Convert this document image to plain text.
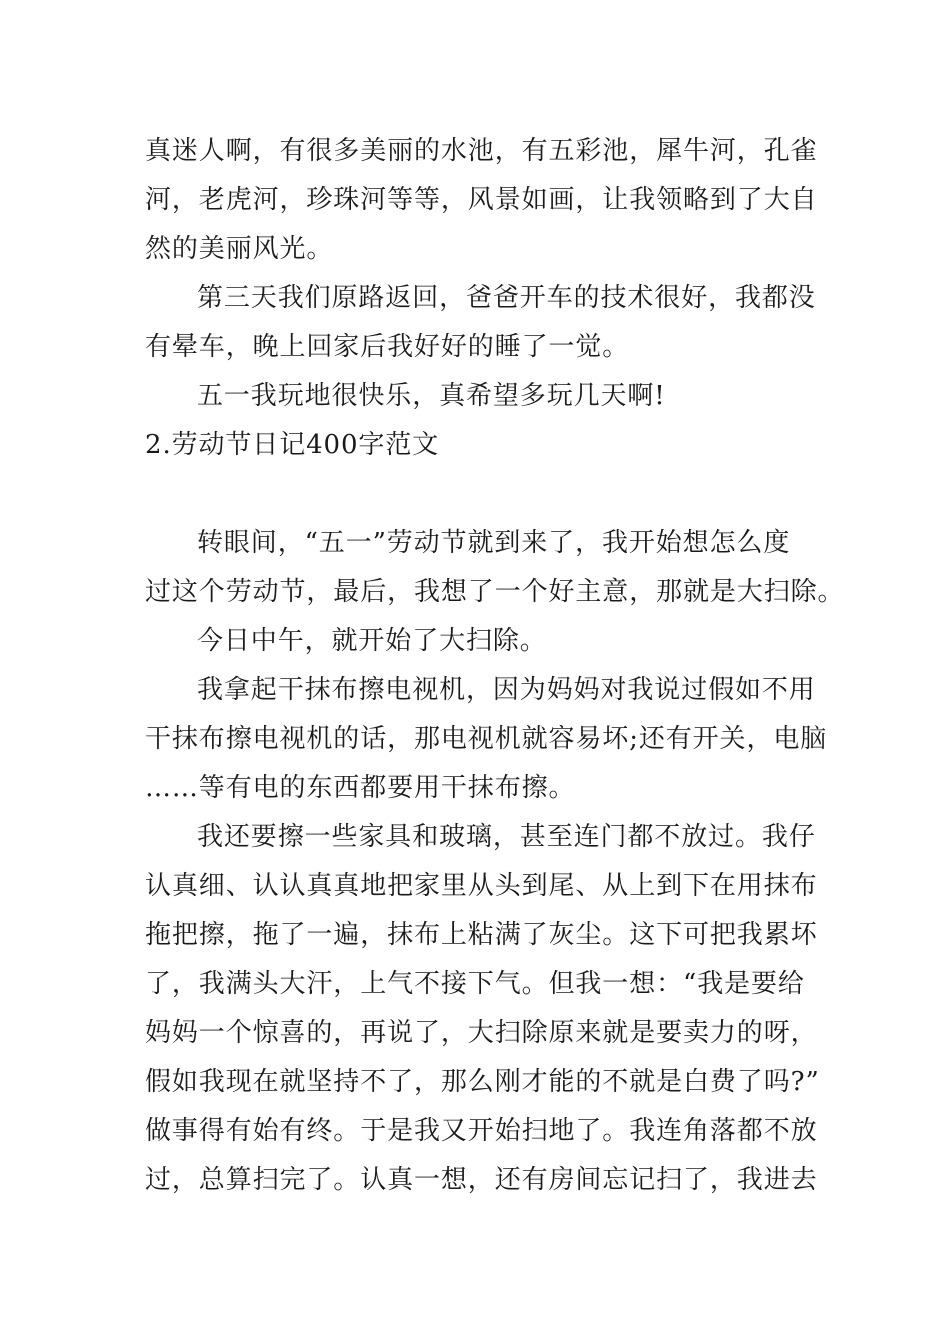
真迷人啊，有很多美丽的水池，有五彩池，犀牛河，孔雀
河，老虎河，珍珠河等等，风景如画，让我领略到了大自
然的美丽风光。
第三天我们原路返回，爸爸开车的技术很好，我都没
有晕车，晚上回家后我好好的睡了一觉。
五一我玩地很快乐，真希望多玩几天啊!
2.劳动节日记400字范文
转眼间，“五一”劳动节就到来了，我开始想怎么度
过这个劳动节，最后，我想了一个好主意，那就是大扫除。
今日中午，就开始了大扫除。
我拿起干抹布擦电视机，因为妈妈对我说过假如不用
干抹布擦电视机的话，那电视机就容易坏;还有开关，电脑
……等有电的东西都要用干抹布擦。
我还要擦一些家具和玻璃，甚至连门都不放过。我仔
认真细、认认真真地把家里从头到尾、从上到下在用抹布
拖把擦，拖了一遍，抹布上粘满了灰尘。这下可把我累坏
了，我满头大汗，上气不接下气。但我一想：“我是要给
妈妈一个惊喜的，再说了，大扫除原来就是要卖力的呀，
假如我现在就坚持不了，那么刚才能的不就是白费了吗?”
做事得有始有终。于是我又开始扫地了。我连角落都不放
过，总算扫完了。认真一想，还有房间忘记扫了，我进去
